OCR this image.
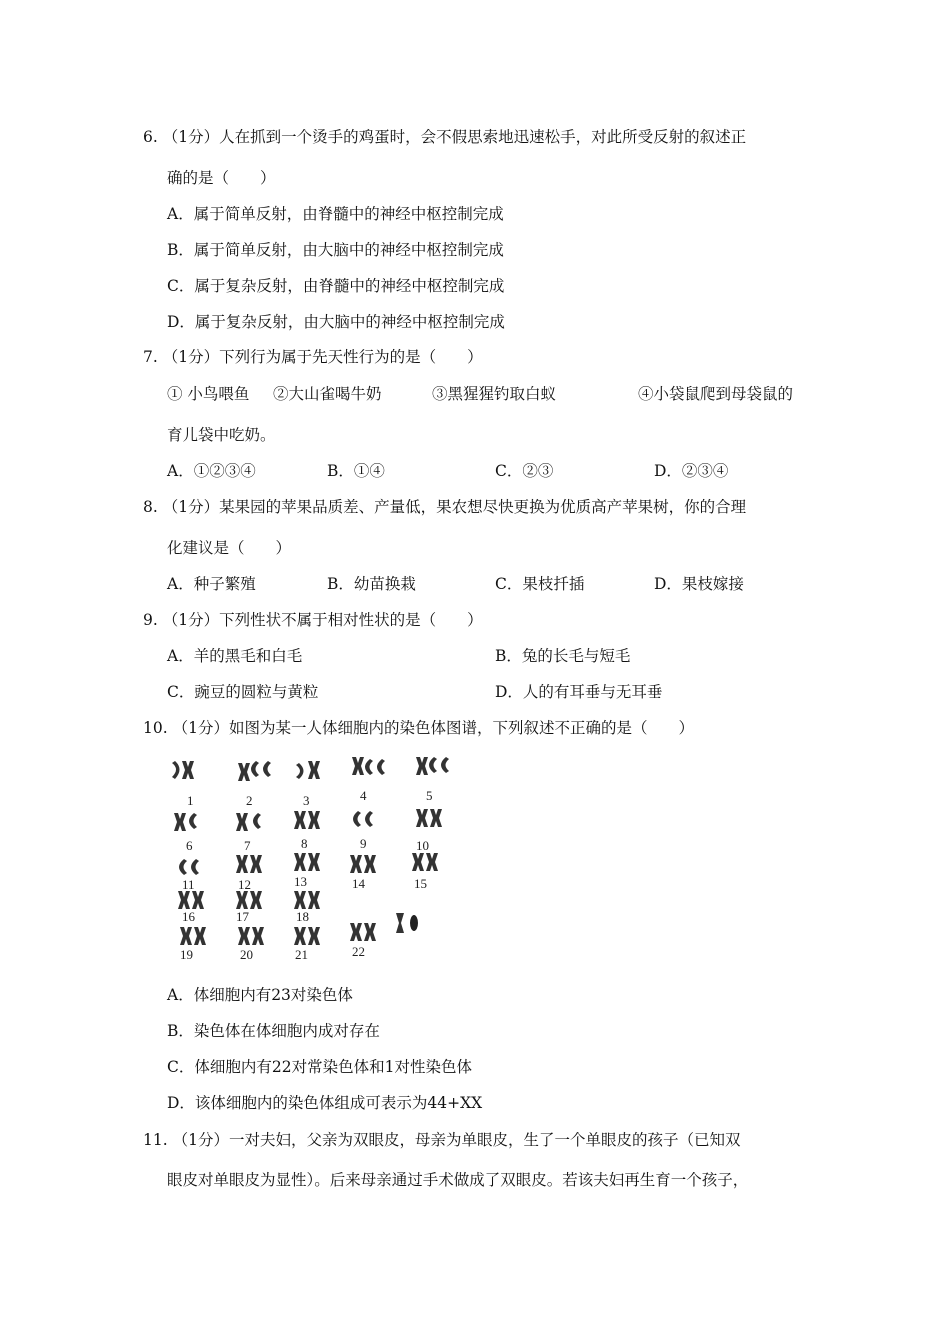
6. （1分）人在抓到一个烫手的鸡蛋时，会不假思索地迅速松手，对此所受反射的叙述正
确的是（　　）
A．属于简单反射，由脊髓中的神经中枢控制完成
B．属于简单反射，由大脑中的神经中枢控制完成
C．属于复杂反射，由脊髓中的神经中枢控制完成
D．属于复杂反射，由大脑中的神经中枢控制完成
7. （1分）下列行为属于先天性行为的是（　　）
① 小鸟喂鱼 ②大山雀喝牛奶	③黑猩猩钓取白蚁	④小袋鼠爬到母袋鼠的
育儿袋中吃奶。
A．①②③④	B．①④	C．②③	D．②③④
8. （1分）某果园的苹果品质差、产量低，果农想尽快更换为优质高产苹果树，你的合理
化建议是（　　）
A．种子繁殖	B．幼苗换栽	C．果枝扦插	D．果枝嫁接
9. （1分）下列性状不属于相对性状的是（　　）
A．羊的黑毛和白毛	B．兔的长毛与短毛
C．豌豆的圆粒与黄粒	D．人的有耳垂与无耳垂
10. （1分）如图为某一人体细胞内的染色体图谱，下列叙述不正确的是（　　）
1	2	3	4	5
6	7	8	9	10
11	12	13	14	15
16	17	18
19	20	21	22
A．体细胞内有23对染色体
B．染色体在体细胞内成对存在
C．体细胞内有22对常染色体和1对性染色体
D．该体细胞内的染色体组成可表示为44+XX
11. （1分）一对夫妇，父亲为双眼皮，母亲为单眼皮，生了一个单眼皮的孩子（已知双
眼皮对单眼皮为显性）。后来母亲通过手术做成了双眼皮。若该夫妇再生育一个孩子，
